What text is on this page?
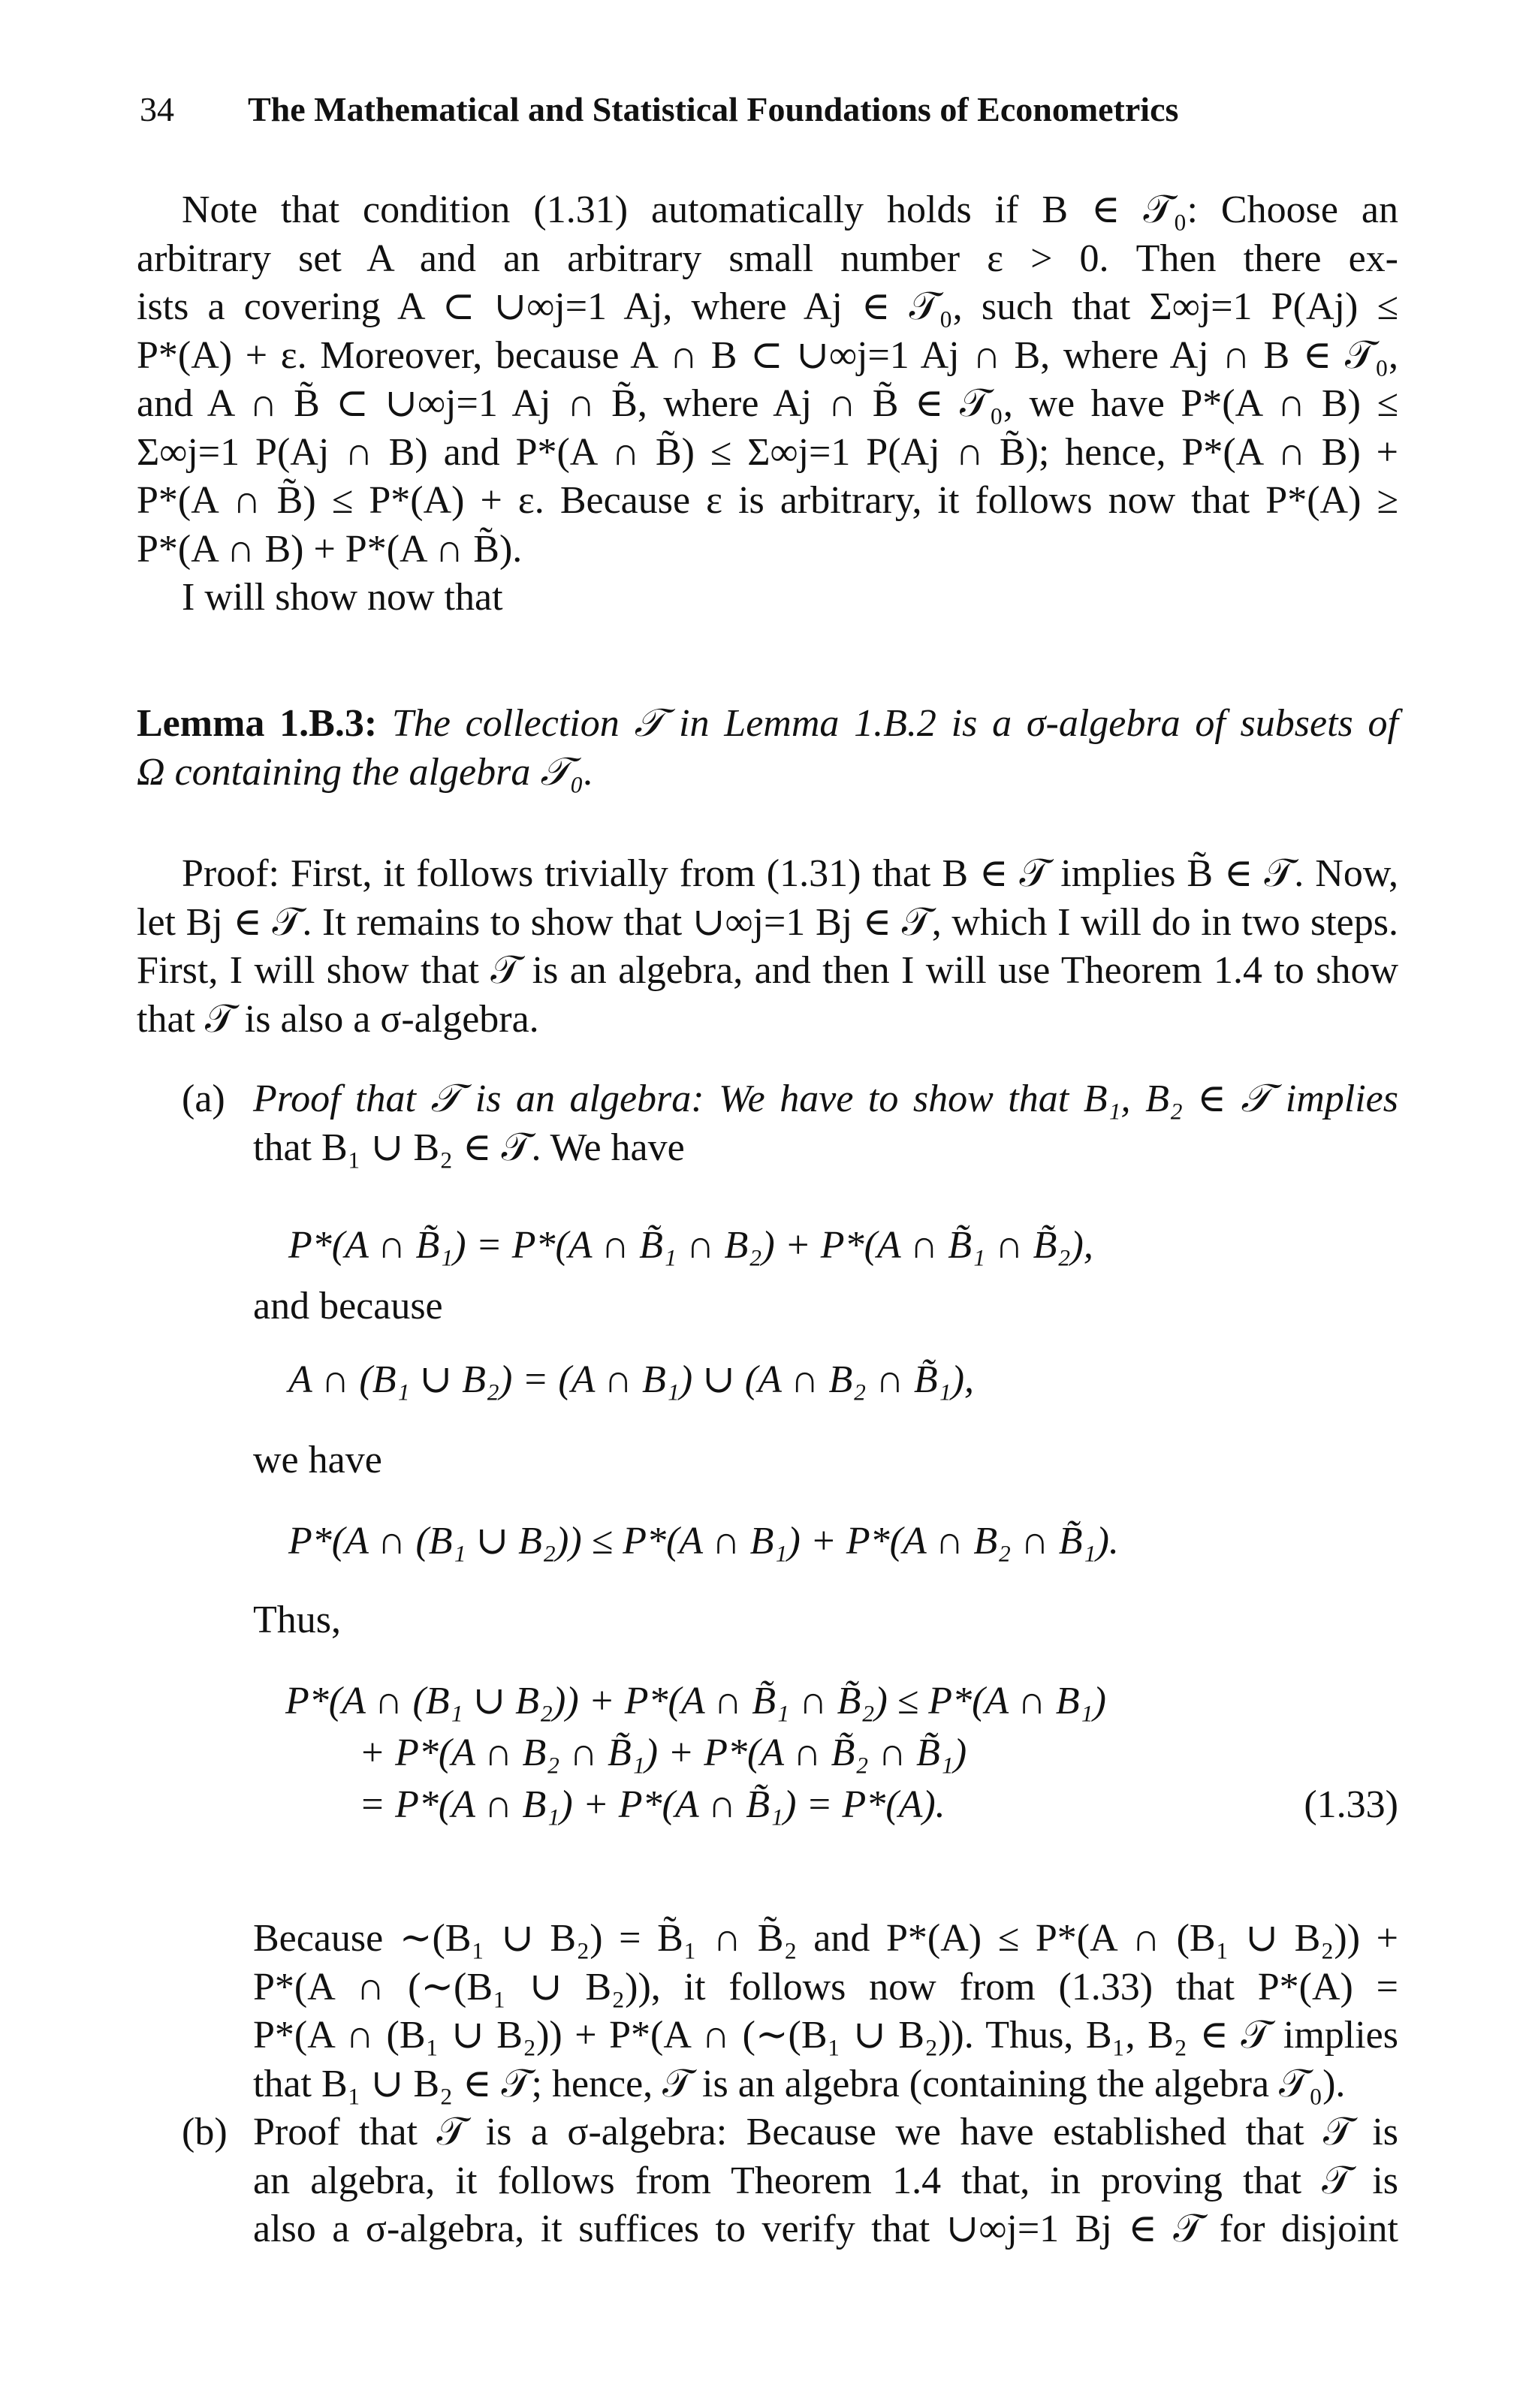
34 The Mathematical and Statistical Foundations of Econometrics
Note that condition (1.31) automatically holds if B ∈ 𝒯₀: Choose an
arbitrary set A and an arbitrary small number ε > 0. Then there ex-
ists a covering A ⊂ ∪∞j=1 Aj, where Aj ∈ 𝒯₀, such that Σ∞j=1 P(Aj) ≤
P*(A) + ε. Moreover, because A ∩ B ⊂ ∪∞j=1 Aj ∩ B, where Aj ∩ B ∈ 𝒯₀,
and A ∩ B̃ ⊂ ∪∞j=1 Aj ∩ B̃, where Aj ∩ B̃ ∈ 𝒯₀, we have P*(A ∩ B) ≤
Σ∞j=1 P(Aj ∩ B) and P*(A ∩ B̃) ≤ Σ∞j=1 P(Aj ∩ B̃); hence, P*(A ∩ B) +
P*(A ∩ B̃) ≤ P*(A) + ε. Because ε is arbitrary, it follows now that P*(A) ≥
P*(A ∩ B) + P*(A ∩ B̃).
I will show now that
Lemma 1.B.3: The collection 𝒯 in Lemma 1.B.2 is a σ-algebra of subsets of
Ω containing the algebra 𝒯₀.
Proof: First, it follows trivially from (1.31) that B ∈ 𝒯 implies B̃ ∈ 𝒯. Now,
let Bj ∈ 𝒯. It remains to show that ∪∞j=1 Bj ∈ 𝒯, which I will do in two steps.
First, I will show that 𝒯 is an algebra, and then I will use Theorem 1.4 to show
that 𝒯 is also a σ-algebra.
(a) Proof that 𝒯 is an algebra: We have to show that B₁, B₂ ∈ 𝒯 implies
that B₁ ∪ B₂ ∈ 𝒯. We have
P*(A ∩ B̃₁) = P*(A ∩ B̃₁ ∩ B₂) + P*(A ∩ B̃₁ ∩ B̃₂),
and because
A ∩ (B₁ ∪ B₂) = (A ∩ B₁) ∪ (A ∩ B₂ ∩ B̃₁),
we have
P*(A ∩ (B₁ ∪ B₂)) ≤ P*(A ∩ B₁) + P*(A ∩ B₂ ∩ B̃₁).
Thus,
P*(A ∩ (B₁ ∪ B₂)) + P*(A ∩ B̃₁ ∩ B̃₂) ≤ P*(A ∩ B₁)
+ P*(A ∩ B₂ ∩ B̃₁) + P*(A ∩ B̃₂ ∩ B̃₁)
= P*(A ∩ B₁) + P*(A ∩ B̃₁) = P*(A).	(1.33)
Because ∼(B₁ ∪ B₂) = B̃₁ ∩ B̃₂ and P*(A) ≤ P*(A ∩ (B₁ ∪ B₂)) +
P*(A ∩ (∼(B₁ ∪ B₂)), it follows now from (1.33) that P*(A) =
P*(A ∩ (B₁ ∪ B₂)) + P*(A ∩ (∼(B₁ ∪ B₂)). Thus, B₁, B₂ ∈ 𝒯 implies
that B₁ ∪ B₂ ∈ 𝒯; hence, 𝒯 is an algebra (containing the algebra 𝒯₀).
(b) Proof that 𝒯 is a σ-algebra: Because we have established that 𝒯 is
an algebra, it follows from Theorem 1.4 that, in proving that 𝒯 is
also a σ-algebra, it suffices to verify that ∪∞j=1 Bj ∈ 𝒯 for disjoint
